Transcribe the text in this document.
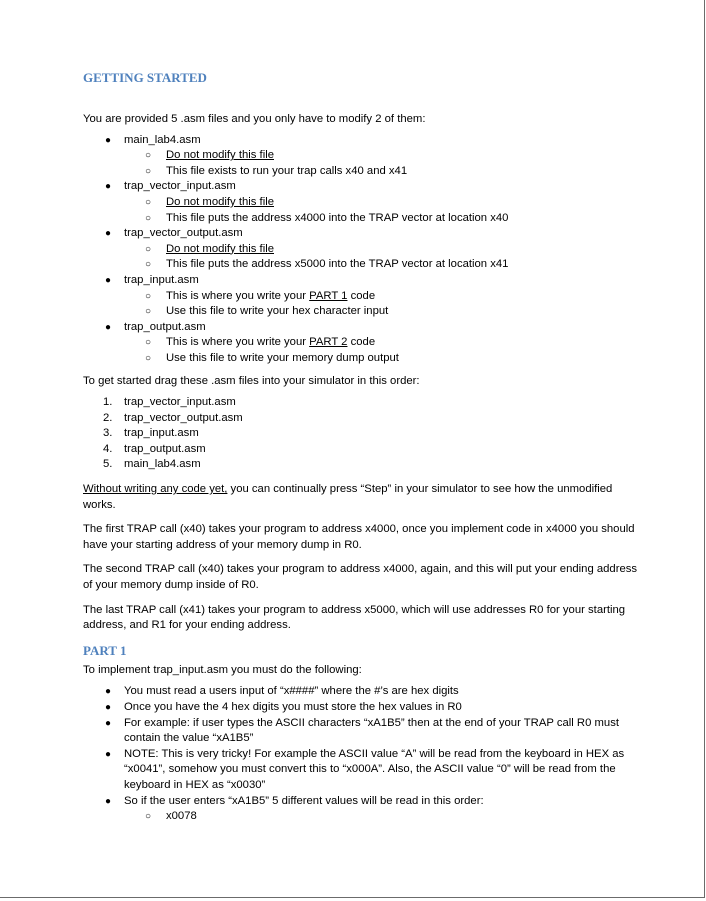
GETTING STARTED

You are provided 5 .asm files and you only have to modify 2 of them:

● main_lab4.asm
○ Do not modify this file
○ This file exists to run your trap calls x40 and x41
● trap_vector_input.asm
○ Do not modify this file
○ This file puts the address x4000 into the TRAP vector at location x40
● trap_vector_output.asm
○ Do not modify this file
○ This file puts the address x5000 into the TRAP vector at location x41
● trap_input.asm
○ This is where you write your PART 1 code
○ Use this file to write your hex character input
● trap_output.asm
○ This is where you write your PART 2 code
○ Use this file to write your memory dump output

To get started drag these .asm files into your simulator in this order:

1. trap_vector_input.asm
2. trap_vector_output.asm
3. trap_input.asm
4. trap_output.asm
5. main_lab4.asm

Without writing any code yet, you can continually press “Step” in your simulator to see how the unmodified works.

The first TRAP call (x40) takes your program to address x4000, once you implement code in x4000 you should have your starting address of your memory dump in R0.

The second TRAP call (x40) takes your program to address x4000, again, and this will put your ending address of your memory dump inside of R0.

The last TRAP call (x41) takes your program to address x5000, which will use addresses R0 for your starting address, and R1 for your ending address.

PART 1

To implement trap_input.asm you must do the following:

● You must read a users input of “x####” where the #’s are hex digits
● Once you have the 4 hex digits you must store the hex values in R0
● For example: if user types the ASCII characters “xA1B5” then at the end of your TRAP call R0 must contain the value “xA1B5”
● NOTE: This is very tricky! For example the ASCII value “A” will be read from the keyboard in HEX as “x0041”, somehow you must convert this to “x000A”. Also, the ASCII value “0” will be read from the keyboard in HEX as “x0030”
● So if the user enters “xA1B5” 5 different values will be read in this order:
○ x0078
